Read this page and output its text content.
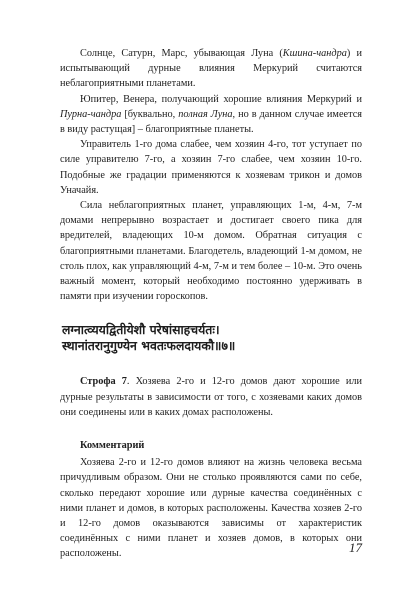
Солнце, Сатурн, Марс, убывающая Луна (Кшина-чандра) и испытывающий дурные влияния Меркурий считаются неблагоприятными планетами.

Юпитер, Венера, получающий хорошие влияния Меркурий и Пурна-чандра [буквально, полная Луна, но в данном случае имеется в виду растущая] – благоприятные планеты.

Управитель 1-го дома слабее, чем хозяин 4-го, тот уступает по силе управителю 7-го, а хозяин 7-го слабее, чем хозяин 10-го. Подобные же градации применяются к хозяевам трикон и домов Уначайя.

Сила неблагоприятных планет, управляющих 1-м, 4-м, 7-м домами непрерывно возрастает и достигает своего пика для вредителей, владеющих 10-м домом. Обратная ситуация с благоприятными планетами. Благодетель, владеющий 1-м домом, не столь плох, как управляющий 4-м, 7-м и тем более – 10-м. Это очень важный момент, который необходимо постоянно удерживать в памяти при изучении гороскопов.

लग्नात्व्ययद्वितीयेशौ परेषांसाहचर्यतः।
स्थानांतरानुगुण्येन भवतःफलदायकौ॥७॥

Строфа 7. Хозяева 2-го и 12-го домов дают хорошие или дурные результаты в зависимости от того, с хозяевами каких домов они соединены или в каких домах расположены.

Комментарий

Хозяева 2-го и 12-го домов влияют на жизнь человека весьма причудливым образом. Они не столько проявляются сами по себе, сколько передают хорошие или дурные качества соединённых с ними планет и домов, в которых расположены. Качества хозяев 2-го и 12-го домов оказываются зависимы от характеристик соединённых с ними планет и хозяев домов, в которых они расположены.	17
